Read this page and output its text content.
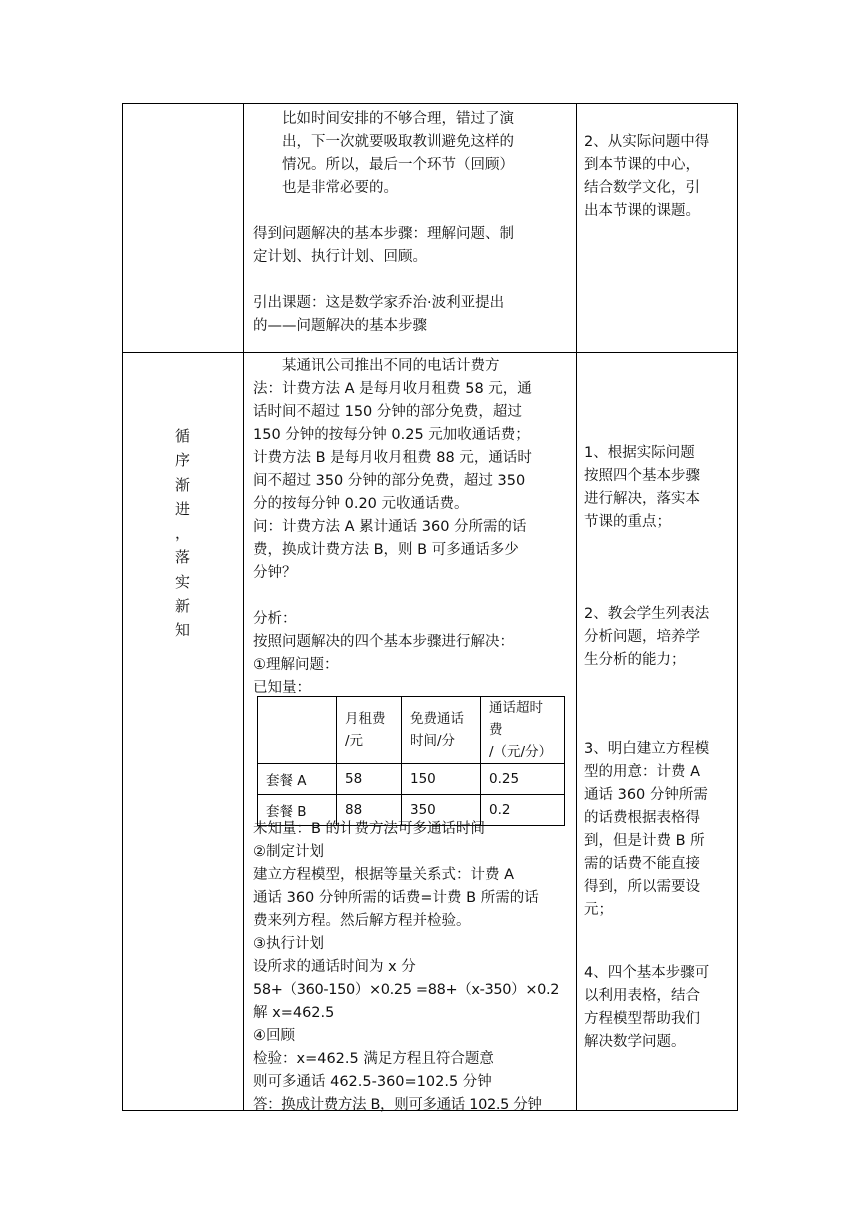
比如时间安排的不够合理，错过了演

出，下一次就要吸取教训避免这样的

情况。所以，最后一个环节（回顾）

也是非常必要的。

得到问题解决的基本步骤：理解问题、制

定计划、执行计划、回顾。

引出课题：这是数学家乔治·波利亚提出

的——问题解决的基本步骤

2、从实际问题中得

到本节课的中心，

结合数学文化，引

出本节课的课题。

循
序
渐
进
，
落
实
新
知

某通讯公司推出不同的电话计费方

法：计费方法 A 是每月收月租费 58 元，通

话时间不超过 150 分钟的部分免费，超过

150 分钟的按每分钟 0.25 元加收通话费；

计费方法 B 是每月收月租费 88 元，通话时

间不超过 350 分钟的部分免费，超过 350

分的按每分钟 0.20 元收通话费。

问：计费方法 A 累计通话 360 分所需的话

费，换成计费方法 B，则 B 可多通话多少

分钟？

分析：

按照问题解决的四个基本步骤进行解决：

①理解问题：

已知量：

	月租费
/元	免费通话
时间/分	通话超时费
/（元/分）
套餐 A	58	150	0.25
套餐 B	88	350	0.2

未知量：B 的计费方法可多通话时间

②制定计划

建立方程模型，根据等量关系式：计费 A

通话 360 分钟所需的话费=计费 B 所需的话

费来列方程。然后解方程并检验。

③执行计划

设所求的通话时间为 x 分

58+（360-150）×0.25 =88+（x-350）×0.2

解 x=462.5

④回顾

检验：x=462.5 满足方程且符合题意

则可多通话 462.5-360=102.5 分钟

答：换成计费方法 B，则可多通话 102.5 分钟

1、根据实际问题

按照四个基本步骤

进行解决，落实本

节课的重点；

2、教会学生列表法

分析问题，培养学

生分析的能力；

3、明白建立方程模

型的用意：计费 A

通话 360 分钟所需

的话费根据表格得

到，但是计费 B 所

需的话费不能直接

得到，所以需要设

元；

4、四个基本步骤可

以利用表格，结合

方程模型帮助我们

解决数学问题。
